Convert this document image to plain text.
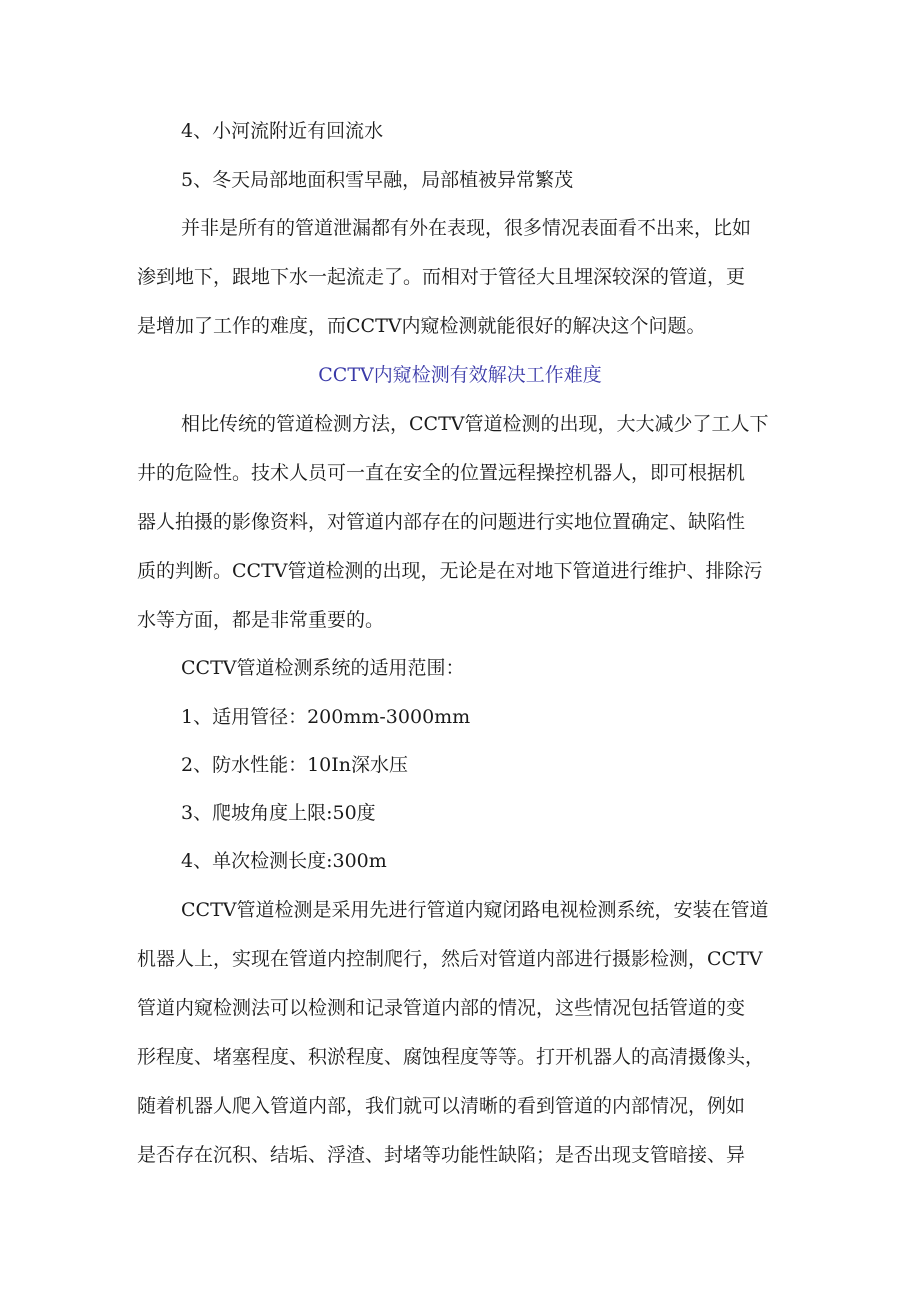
4、小河流附近有回流水

5、冬天局部地面积雪早融，局部植被异常繁茂

并非是所有的管道泄漏都有外在表现，很多情况表面看不出来，比如

渗到地下，跟地下水一起流走了。而相对于管径大且埋深较深的管道，更

是增加了工作的难度，而CCTV内窥检测就能很好的解决这个问题。

CCTV内窥检测有效解决工作难度

相比传统的管道检测方法，CCTV管道检测的出现，大大减少了工人下

井的危险性。技术人员可一直在安全的位置远程操控机器人，即可根据机

器人拍摄的影像资料，对管道内部存在的问题进行实地位置确定、缺陷性

质的判断。CCTV管道检测的出现，无论是在对地下管道进行维护、排除污

水等方面，都是非常重要的。

CCTV管道检测系统的适用范围：

1、适用管径：200mm-3000mm

2、防水性能：10In深水压

3、爬坡角度上限:50度

4、单次检测长度:300m

CCTV管道检测是采用先进行管道内窥闭路电视检测系统，安装在管道

机器人上，实现在管道内控制爬行，然后对管道内部进行摄影检测，CCTV

管道内窥检测法可以检测和记录管道内部的情况，这些情况包括管道的变

形程度、堵塞程度、积淤程度、腐蚀程度等等。打开机器人的高清摄像头，

随着机器人爬入管道内部，我们就可以清晰的看到管道的内部情况，例如

是否存在沉积、结垢、浮渣、封堵等功能性缺陷；是否出现支管暗接、异
